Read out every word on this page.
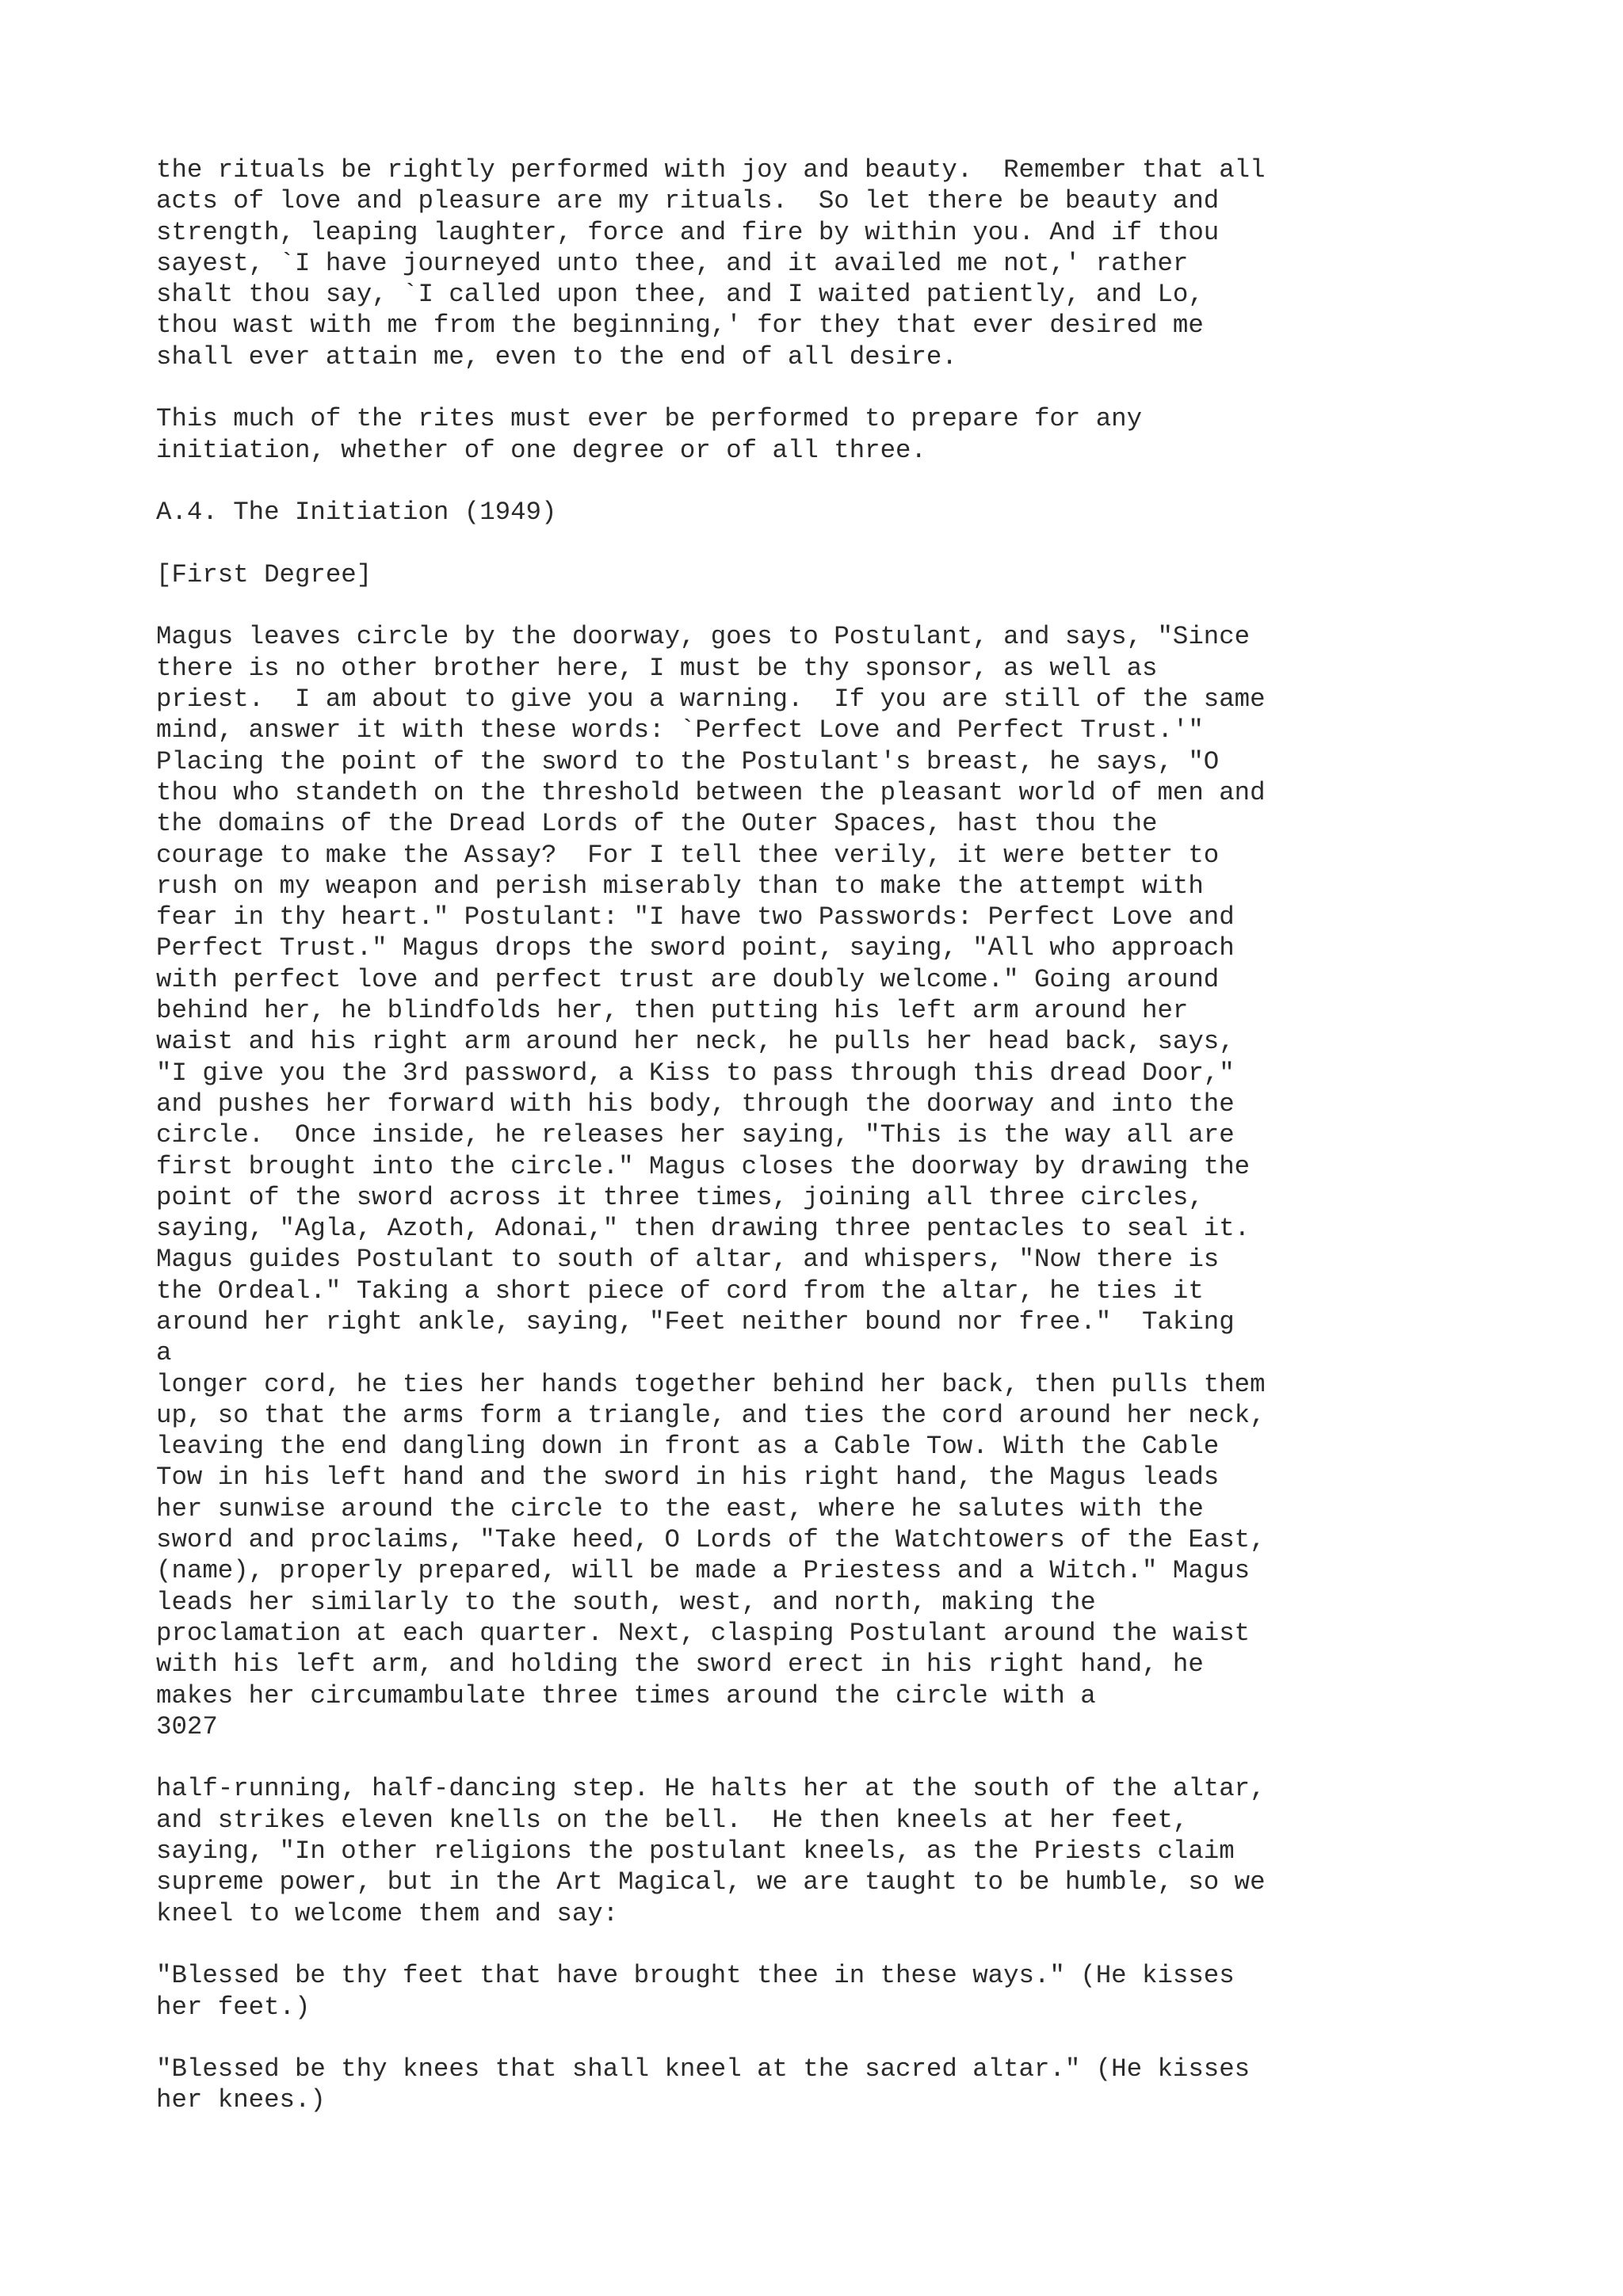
the rituals be rightly performed with joy and beauty.  Remember that all
acts of love and pleasure are my rituals.  So let there be beauty and
strength, leaping laughter, force and fire by within you. And if thou
sayest, `I have journeyed unto thee, and it availed me not,' rather
shalt thou say, `I called upon thee, and I waited patiently, and Lo,
thou wast with me from the beginning,' for they that ever desired me
shall ever attain me, even to the end of all desire.
This much of the rites must ever be performed to prepare for any
initiation, whether of one degree or of all three.
A.4. The Initiation (1949)
[First Degree]
Magus leaves circle by the doorway, goes to Postulant, and says, "Since
there is no other brother here, I must be thy sponsor, as well as
priest.  I am about to give you a warning.  If you are still of the same
mind, answer it with these words: `Perfect Love and Perfect Trust.'"
Placing the point of the sword to the Postulant's breast, he says, "O
thou who standeth on the threshold between the pleasant world of men and
the domains of the Dread Lords of the Outer Spaces, hast thou the
courage to make the Assay?  For I tell thee verily, it were better to
rush on my weapon and perish miserably than to make the attempt with
fear in thy heart." Postulant: "I have two Passwords: Perfect Love and
Perfect Trust." Magus drops the sword point, saying, "All who approach
with perfect love and perfect trust are doubly welcome." Going around
behind her, he blindfolds her, then putting his left arm around her
waist and his right arm around her neck, he pulls her head back, says,
"I give you the 3rd password, a Kiss to pass through this dread Door,"
and pushes her forward with his body, through the doorway and into the
circle.  Once inside, he releases her saying, "This is the way all are
first brought into the circle." Magus closes the doorway by drawing the
point of the sword across it three times, joining all three circles,
saying, "Agla, Azoth, Adonai," then drawing three pentacles to seal it.
Magus guides Postulant to south of altar, and whispers, "Now there is
the Ordeal." Taking a short piece of cord from the altar, he ties it
around her right ankle, saying, "Feet neither bound nor free."  Taking
a
longer cord, he ties her hands together behind her back, then pulls them
up, so that the arms form a triangle, and ties the cord around her neck,
leaving the end dangling down in front as a Cable Tow. With the Cable
Tow in his left hand and the sword in his right hand, the Magus leads
her sunwise around the circle to the east, where he salutes with the
sword and proclaims, "Take heed, O Lords of the Watchtowers of the East,
(name), properly prepared, will be made a Priestess and a Witch." Magus
leads her similarly to the south, west, and north, making the
proclamation at each quarter. Next, clasping Postulant around the waist
with his left arm, and holding the sword erect in his right hand, he
makes her circumambulate three times around the circle with a
3027
half-running, half-dancing step. He halts her at the south of the altar,
and strikes eleven knells on the bell.  He then kneels at her feet,
saying, "In other religions the postulant kneels, as the Priests claim
supreme power, but in the Art Magical, we are taught to be humble, so we
kneel to welcome them and say:
"Blessed be thy feet that have brought thee in these ways." (He kisses
her feet.)
"Blessed be thy knees that shall kneel at the sacred altar." (He kisses
her knees.)
